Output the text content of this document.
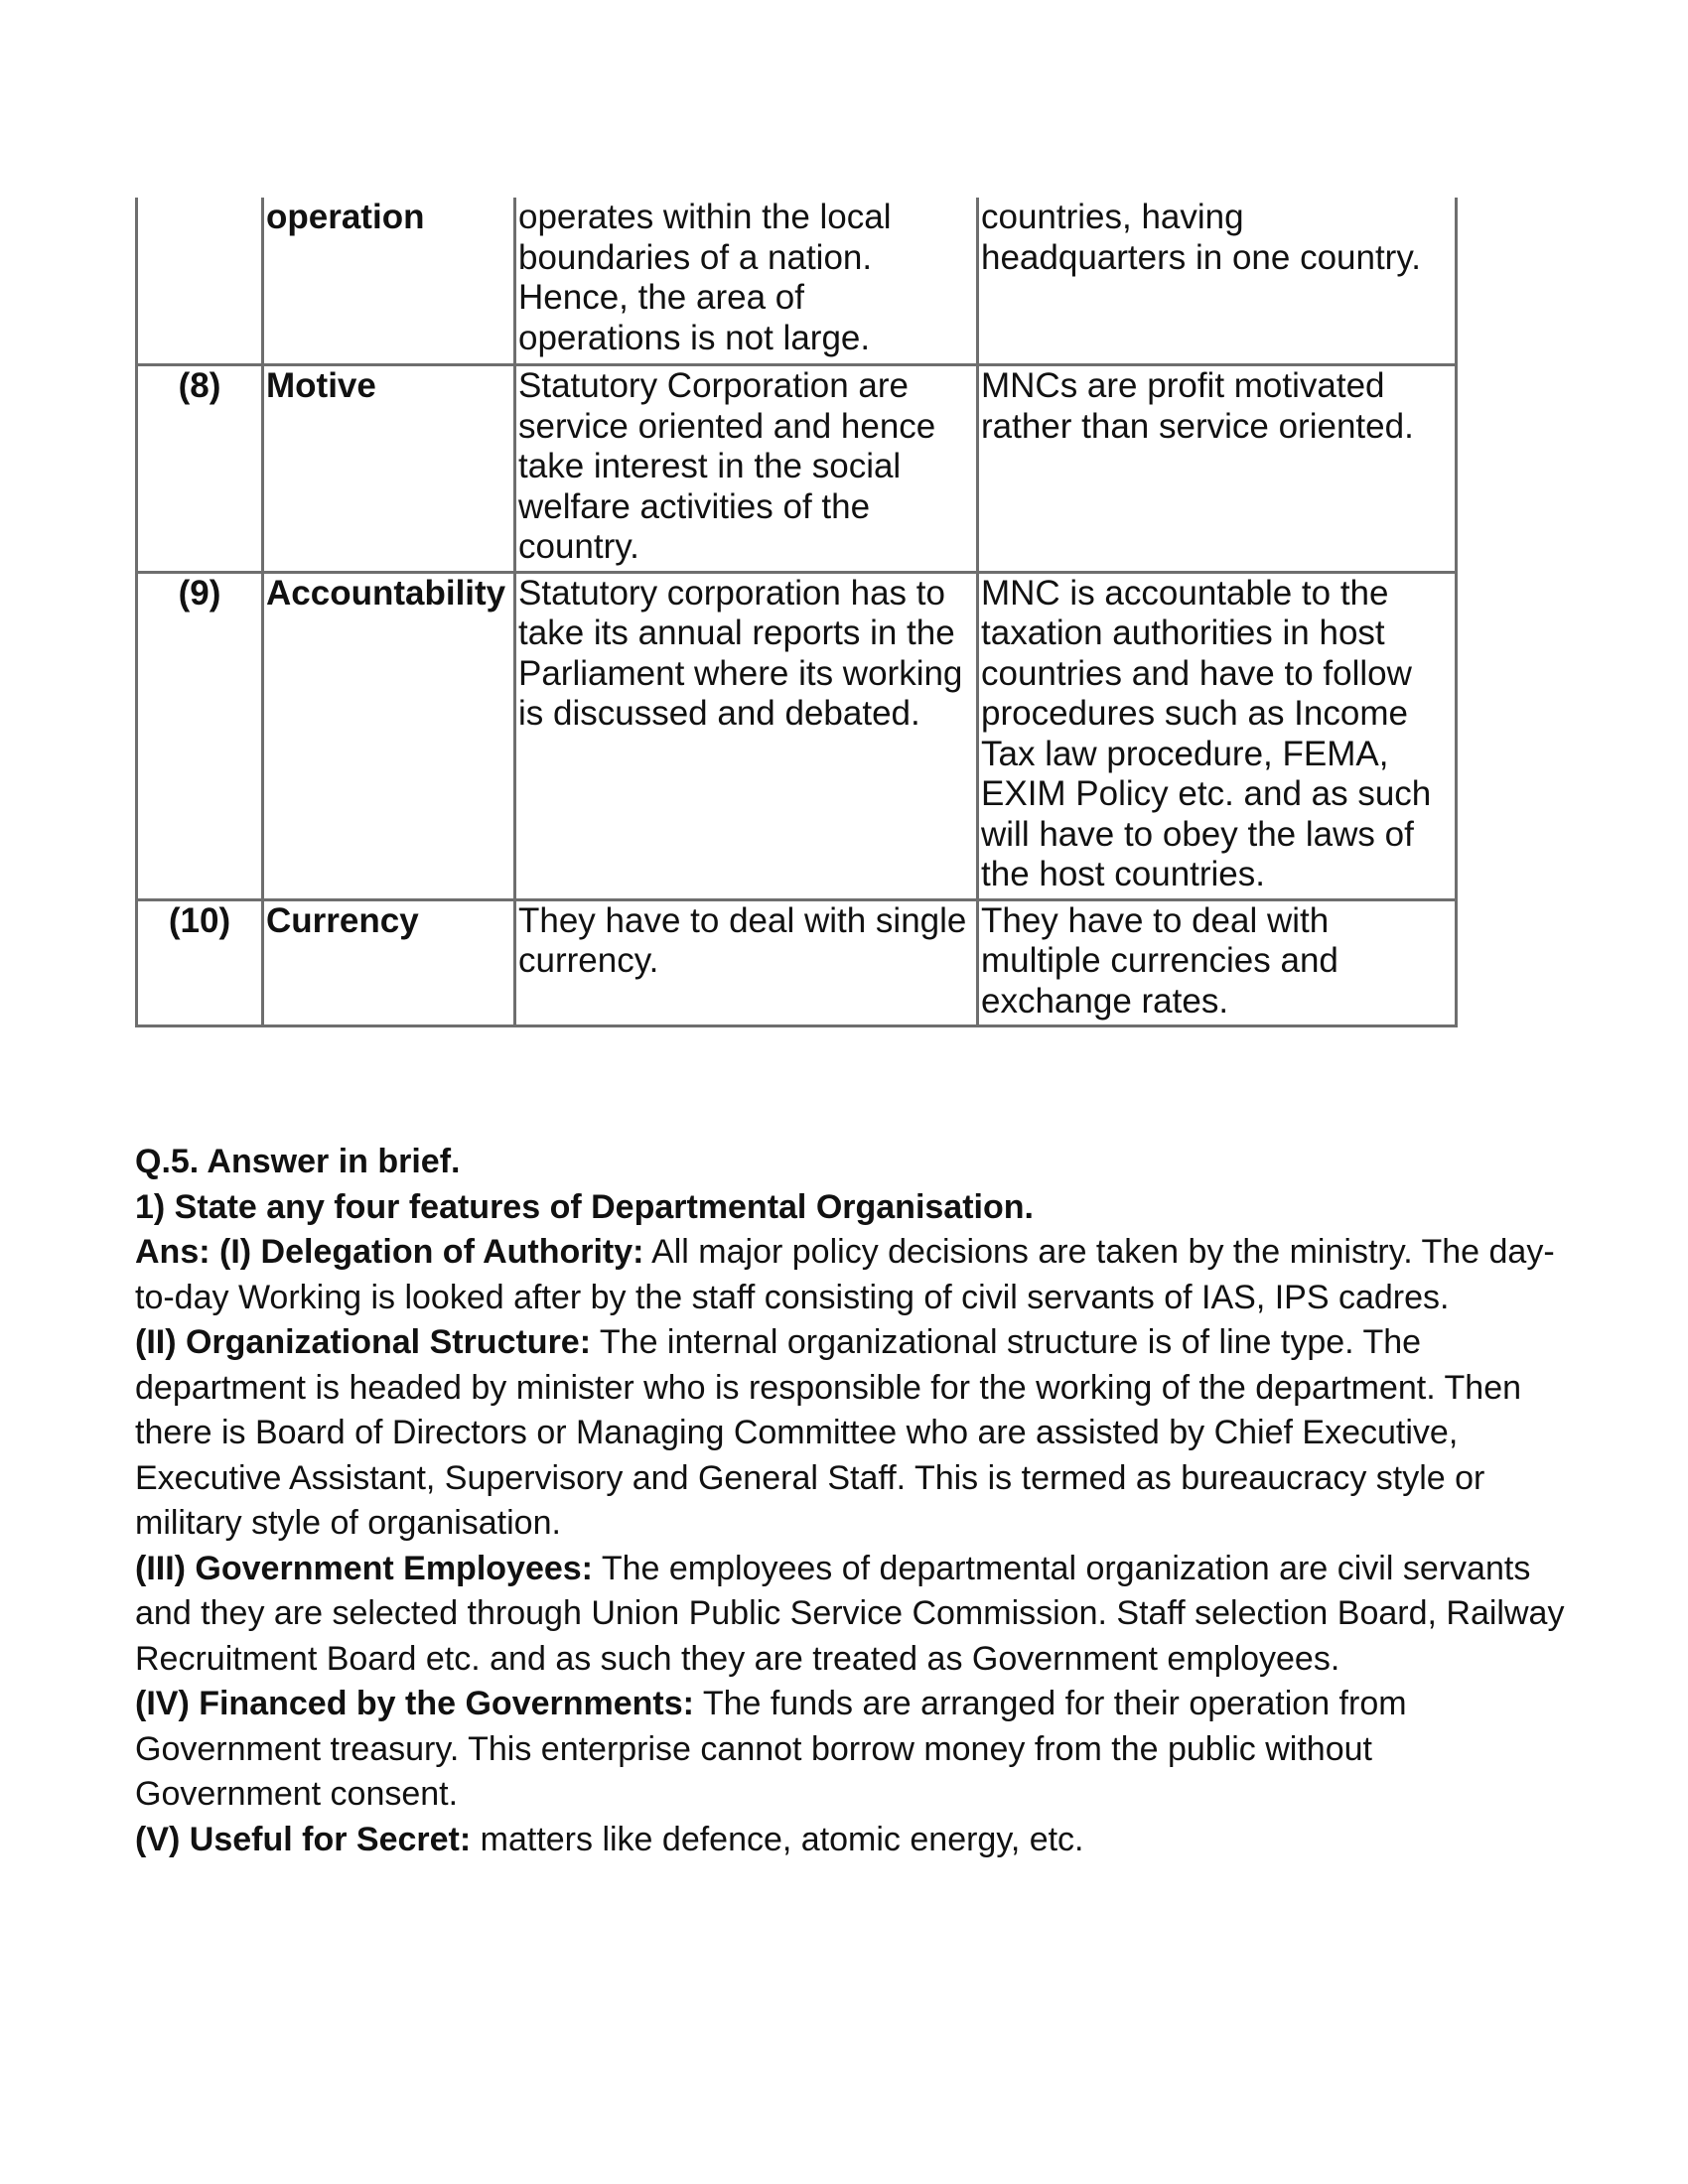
	operation	operates within the local boundaries of a nation. Hence, the area of operations is not large.	countries, having headquarters in one country.
(8)	Motive	Statutory Corporation are service oriented and hence take interest in the social welfare activities of the country.	MNCs are profit motivated rather than service oriented.
(9)	Accountability	Statutory corporation has to take its annual reports in the Parliament where its working is discussed and debated.	MNC is accountable to the taxation authorities in host countries and have to follow procedures such as Income Tax law procedure, FEMA, EXIM Policy etc. and as such will have to obey the laws of the host countries.
(10)	Currency	They have to deal with single currency.	They have to deal with multiple currencies and exchange rates.

Q.5. Answer in brief.

1) State any four features of Departmental Organisation.

Ans: (I) Delegation of Authority: All major policy decisions are taken by the ministry. The day-to-day Working is looked after by the staff consisting of civil servants of IAS, IPS cadres.

(II) Organizational Structure: The internal organizational structure is of line type. The department is headed by minister who is responsible for the working of the department. Then there is Board of Directors or Managing Committee who are assisted by Chief Executive, Executive Assistant, Supervisory and General Staff. This is termed as bureaucracy style or military style of organisation.

(III) Government Employees: The employees of departmental organization are civil servants and they are selected through Union Public Service Commission. Staff selection Board, Railway Recruitment Board etc. and as such they are treated as Government employees.

(IV) Financed by the Governments: The funds are arranged for their operation from Government treasury. This enterprise cannot borrow money from the public without Government consent.

(V) Useful for Secret: matters like defence, atomic energy, etc.
